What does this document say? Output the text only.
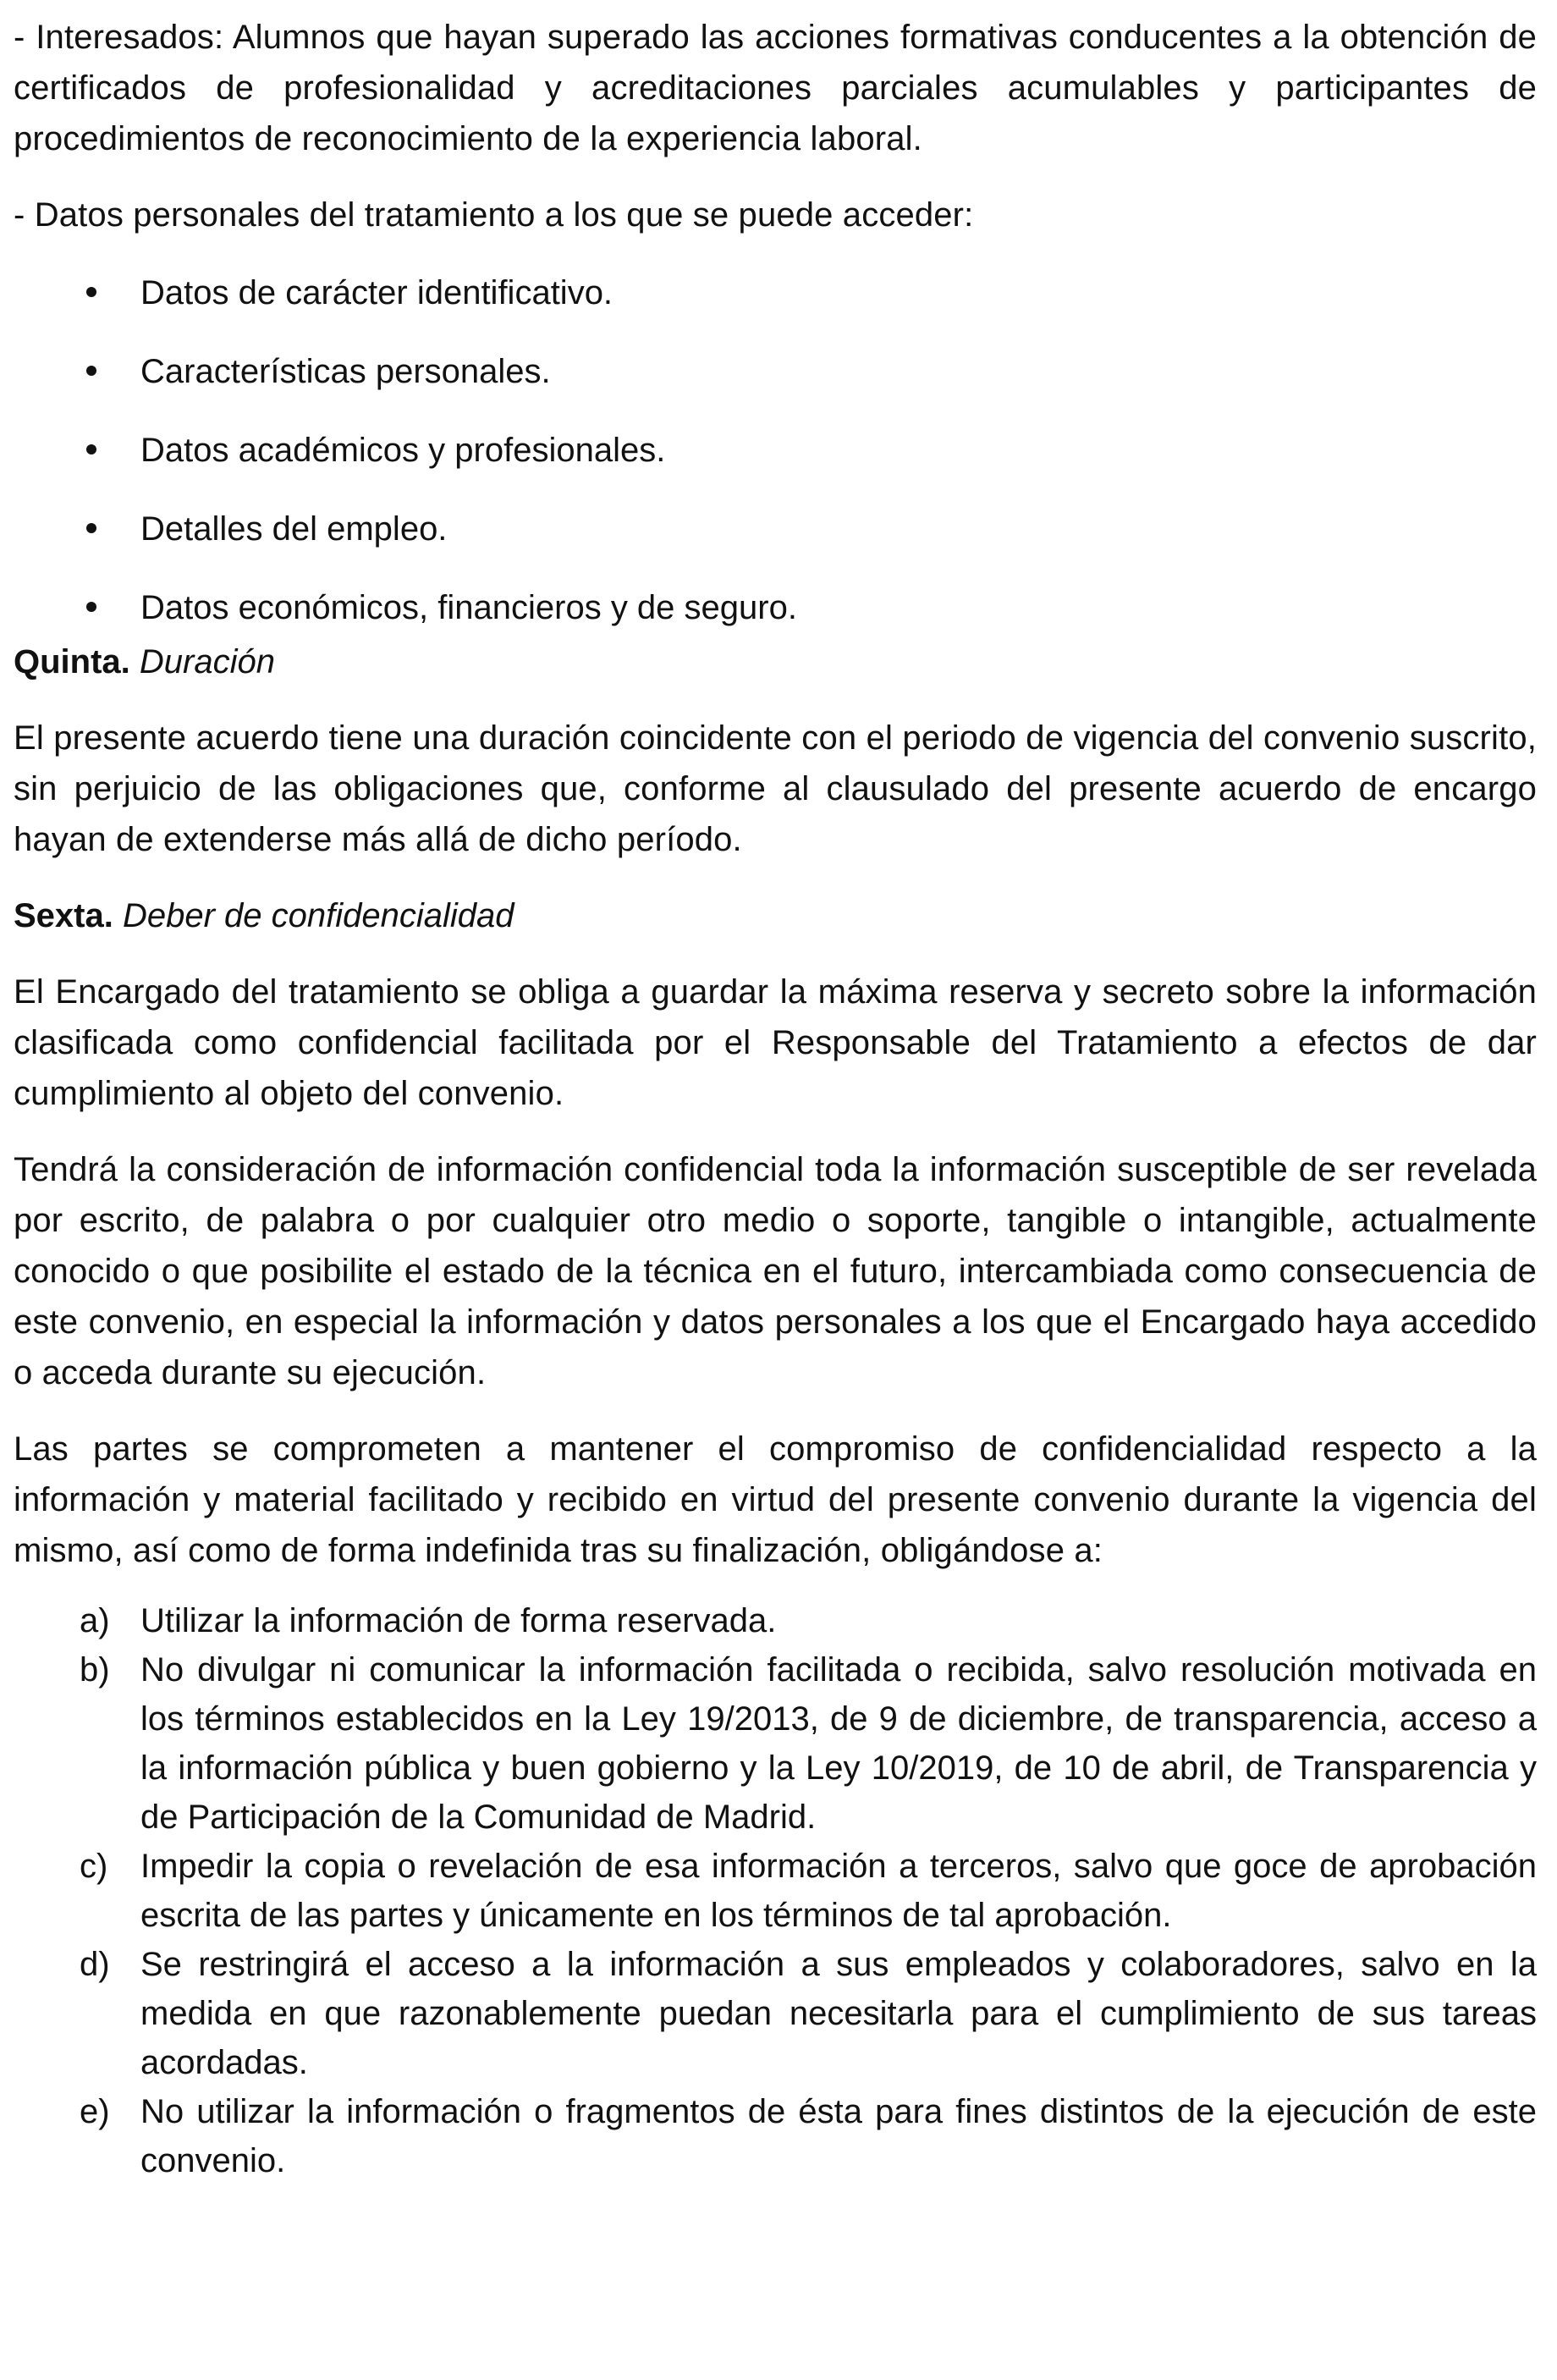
- Interesados: Alumnos que hayan superado las acciones formativas conducentes a la obtención de certificados de profesionalidad y acreditaciones parciales acumulables y participantes de procedimientos de reconocimiento de la experiencia laboral.

- Datos personales del tratamiento a los que se puede acceder:

Datos de carácter identificativo.
Características personales.
Datos académicos y profesionales.
Detalles del empleo.
Datos económicos, financieros y de seguro.

Quinta. Duración

El presente acuerdo tiene una duración coincidente con el periodo de vigencia del convenio suscrito, sin perjuicio de las obligaciones que, conforme al clausulado del presente acuerdo de encargo hayan de extenderse más allá de dicho período.

Sexta. Deber de confidencialidad

El Encargado del tratamiento se obliga a guardar la máxima reserva y secreto sobre la información clasificada como confidencial facilitada por el Responsable del Tratamiento a efectos de dar cumplimiento al objeto del convenio.

Tendrá la consideración de información confidencial toda la información susceptible de ser revelada por escrito, de palabra o por cualquier otro medio o soporte, tangible o intangible, actualmente conocido o que posibilite el estado de la técnica en el futuro, intercambiada como consecuencia de este convenio, en especial la información y datos personales a los que el Encargado haya accedido o acceda durante su ejecución.

Las partes se comprometen a mantener el compromiso de confidencialidad respecto a la información y material facilitado y recibido en virtud del presente convenio durante la vigencia del mismo, así como de forma indefinida tras su finalización, obligándose a:

a) Utilizar la información de forma reservada.
b) No divulgar ni comunicar la información facilitada o recibida, salvo resolución motivada en los términos establecidos en la Ley 19/2013, de 9 de diciembre, de transparencia, acceso a la información pública y buen gobierno y la Ley 10/2019, de 10 de abril, de Transparencia y de Participación de la Comunidad de Madrid.
c) Impedir la copia o revelación de esa información a terceros, salvo que goce de aprobación escrita de las partes y únicamente en los términos de tal aprobación.
d) Se restringirá el acceso a la información a sus empleados y colaboradores, salvo en la medida en que razonablemente puedan necesitarla para el cumplimiento de sus tareas acordadas.
e) No utilizar la información o fragmentos de ésta para fines distintos de la ejecución de este convenio.
